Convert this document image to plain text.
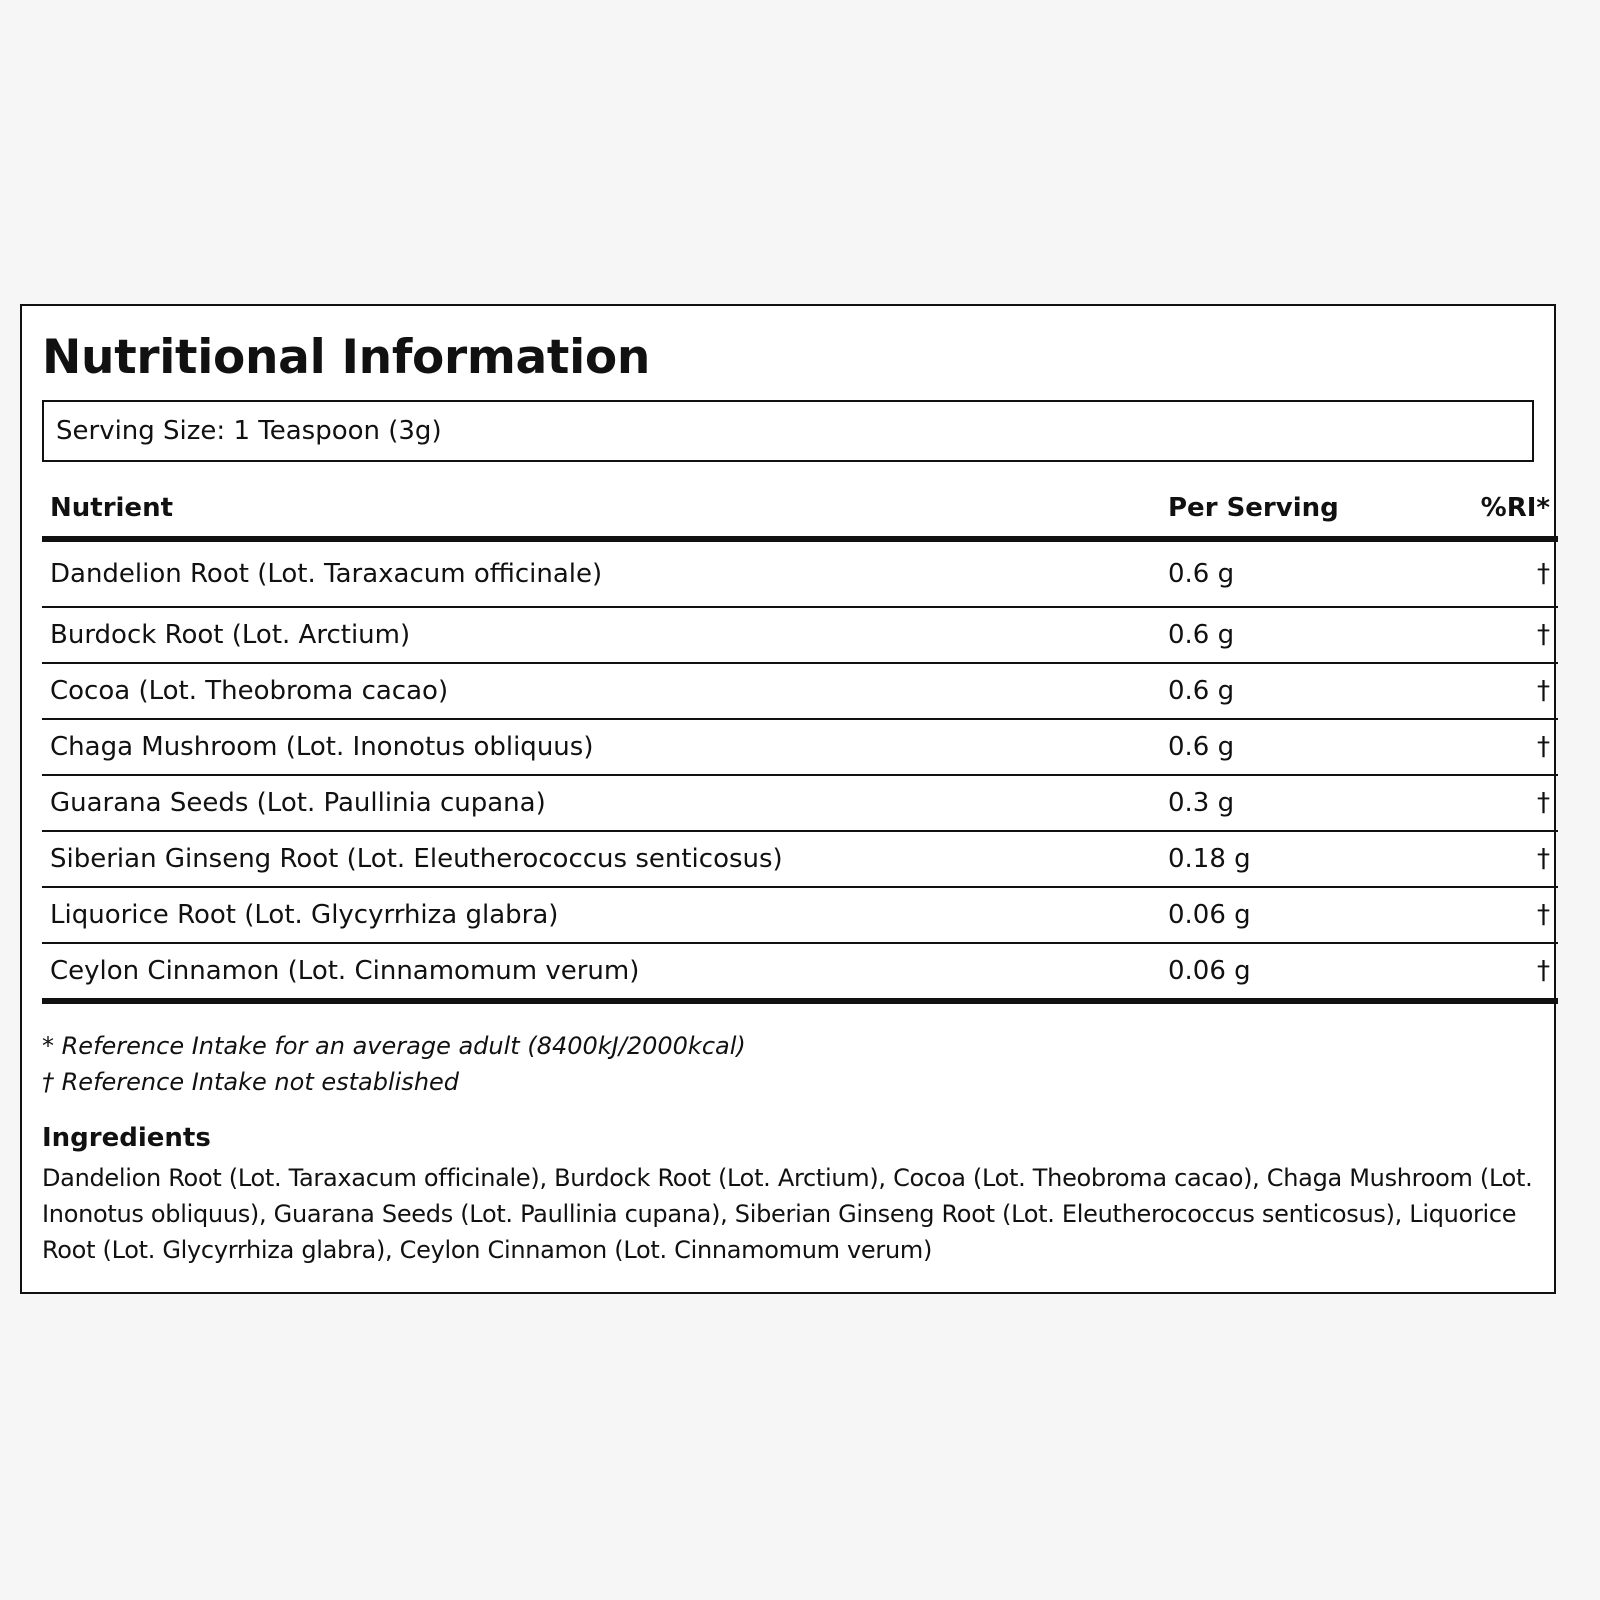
Nutritional Information
Serving Size: 1 Teaspoon (3g)
Nutrient	Per Serving	%RI*
Dandelion Root (Lot. Taraxacum officinale)	0.6 g	†
Burdock Root (Lot. Arctium)	0.6 g	†
Cocoa (Lot. Theobroma cacao)	0.6 g	†
Chaga Mushroom (Lot. Inonotus obliquus)	0.6 g	†
Guarana Seeds (Lot. Paullinia cupana)	0.3 g	†
Siberian Ginseng Root (Lot. Eleutherococcus senticosus)	0.18 g	†
Liquorice Root (Lot. Glycyrrhiza glabra)	0.06 g	†
Ceylon Cinnamon (Lot. Cinnamomum verum)	0.06 g	†
* Reference Intake for an average adult (8400kJ/2000kcal)
† Reference Intake not established
Ingredients

Dandelion Root (Lot. Taraxacum officinale), Burdock Root (Lot. Arctium), Cocoa (Lot. Theobroma cacao), Chaga Mushroom (Lot. Inonotus obliquus), Guarana Seeds (Lot. Paullinia cupana), Siberian Ginseng Root (Lot. Eleutherococcus senticosus), Liquorice Root (Lot. Glycyrrhiza glabra), Ceylon Cinnamon (Lot. Cinnamomum verum)
